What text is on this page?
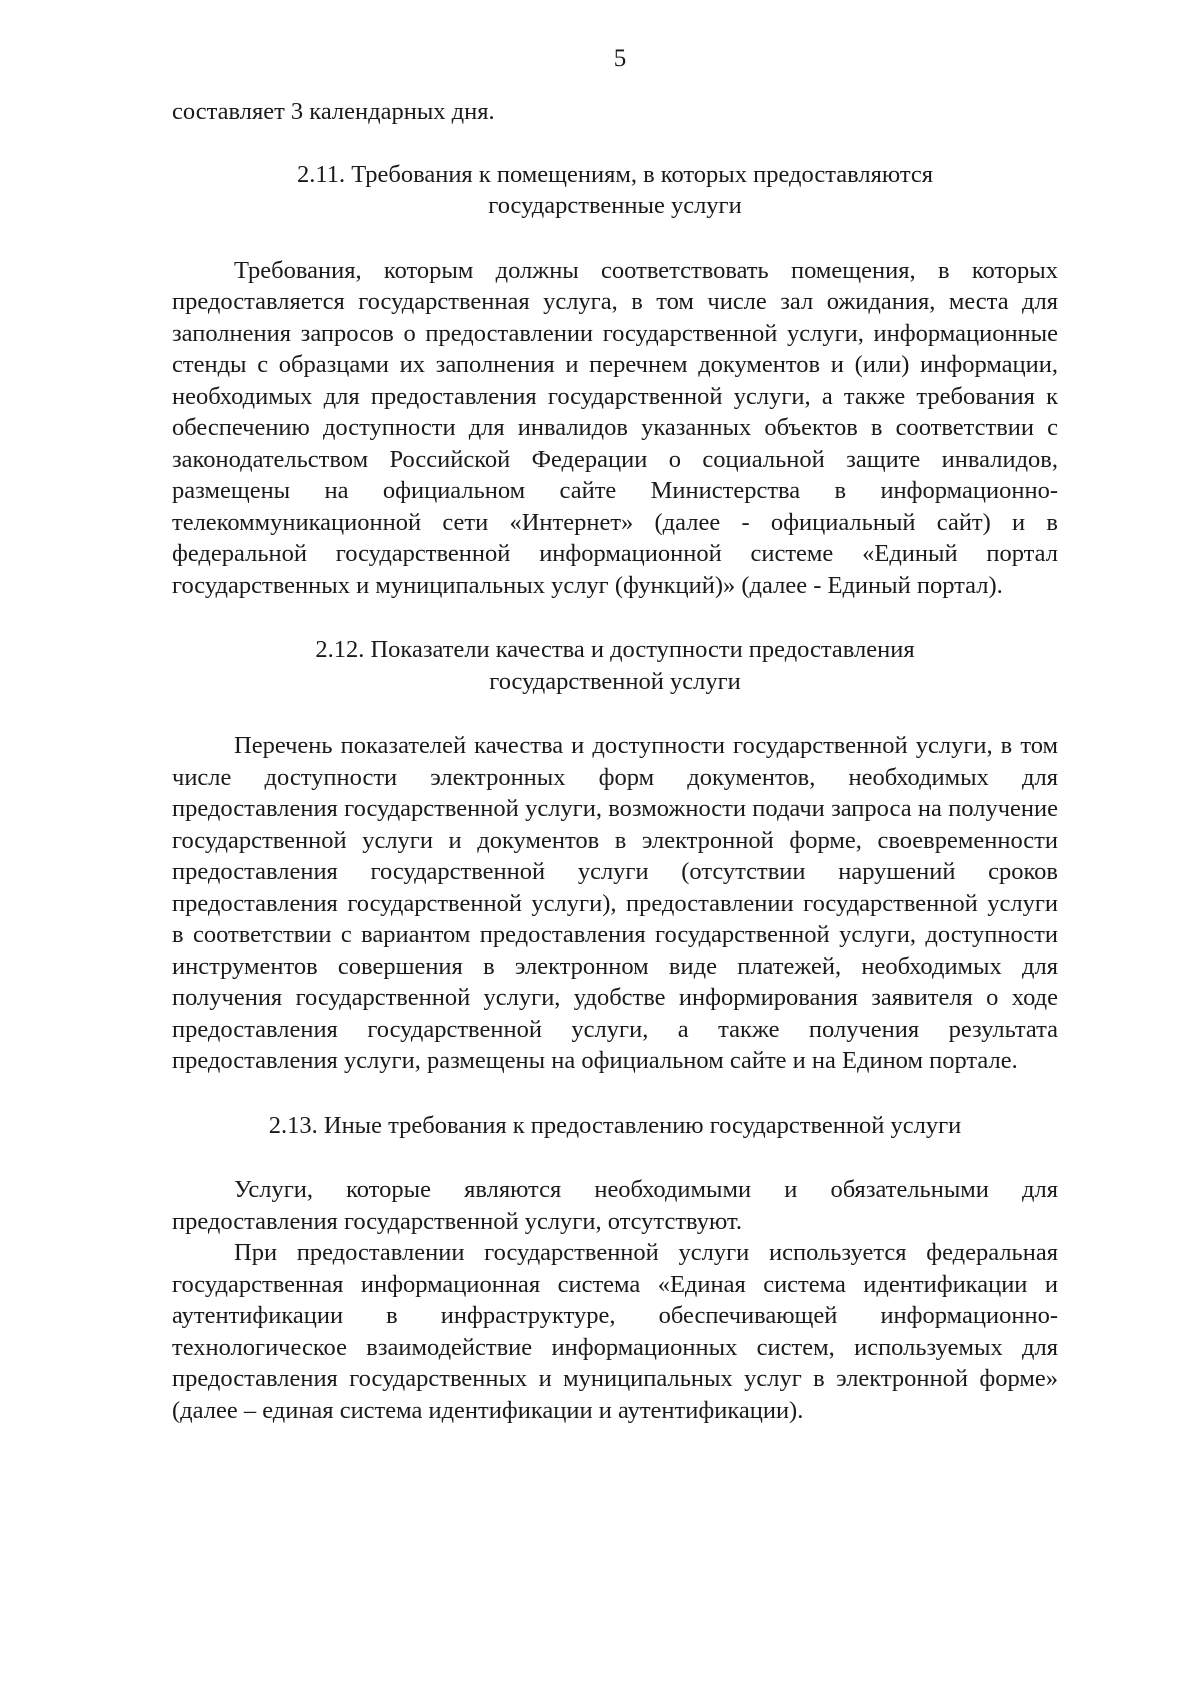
5

составляет 3 календарных дня.

2.11. Требования к помещениям, в которых предоставляются

государственные услуги

Требования, которым должны соответствовать помещения, в которых предоставляется государственная услуга, в том числе зал ожидания, места для заполнения запросов о предоставлении государственной услуги, информационные стенды с образцами их заполнения и перечнем документов и (или) информации, необходимых для предоставления государственной услуги, а также требования к обеспечению доступности для инвалидов указанных объектов в соответствии с законодательством Российской Федерации о социальной защите инвалидов, размещены на официальном сайте Министерства в информационно-телекоммуникационной сети «Интернет» (далее - официальный сайт) и в федеральной государственной информационной системе «Единый портал государственных и муниципальных услуг (функций)» (далее - Единый портал).

2.12. Показатели качества и доступности предоставления

государственной услуги

Перечень показателей качества и доступности государственной услуги, в том числе доступности электронных форм документов, необходимых для предоставления государственной услуги, возможности подачи запроса на получение государственной услуги и документов в электронной форме, своевременности предоставления государственной услуги (отсутствии нарушений сроков предоставления государственной услуги), предоставлении государственной услуги в соответствии с вариантом предоставления государственной услуги, доступности инструментов совершения в электронном виде платежей, необходимых для получения государственной услуги, удобстве информирования заявителя о ходе предоставления государственной услуги, а также получения результата предоставления услуги, размещены на официальном сайте и на Едином портале.

2.13. Иные требования к предоставлению государственной услуги

Услуги, которые являются необходимыми и обязательными для предоставления государственной услуги, отсутствуют.

При предоставлении государственной услуги используется федеральная государственная информационная система «Единая система идентификации и аутентификации в инфраструктуре, обеспечивающей информационно-технологическое взаимодействие информационных систем, используемых для предоставления государственных и муниципальных услуг в электронной форме» (далее – единая система идентификации и аутентификации).
